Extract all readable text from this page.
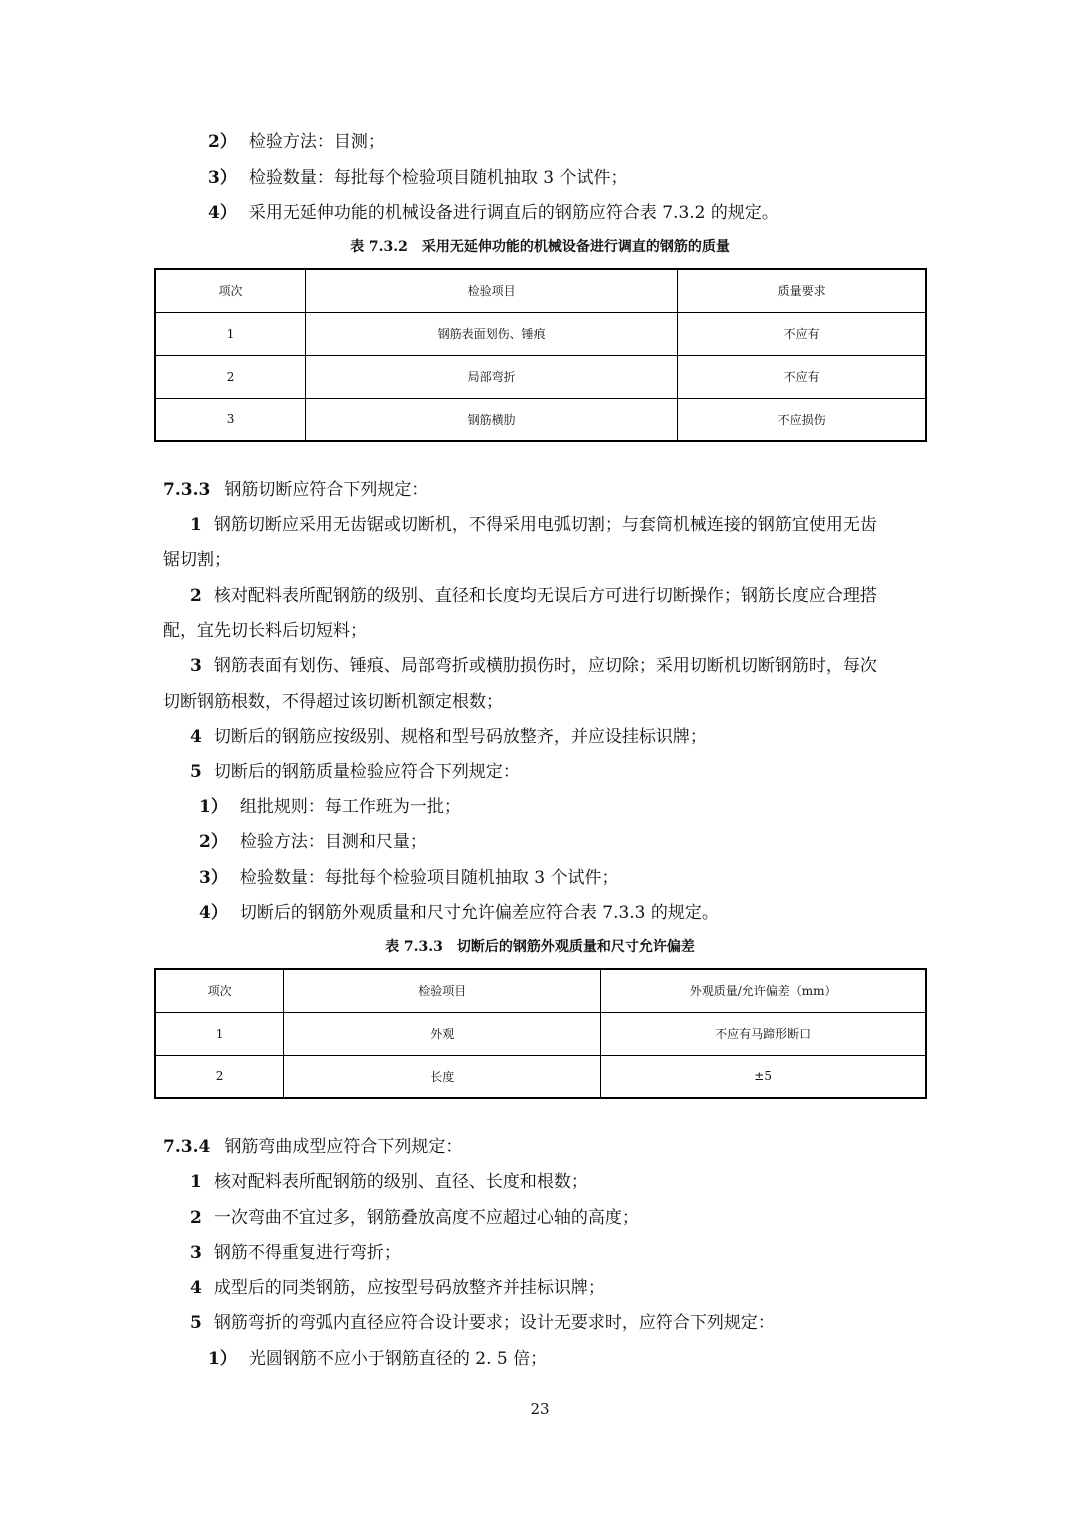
2） 检验方法：目测；
3） 检验数量：每批每个检验项目随机抽取 3 个试件；
4） 采用无延伸功能的机械设备进行调直后的钢筋应符合表 7.3.2 的规定。
表 7.3.2　采用无延伸功能的机械设备进行调直的钢筋的质量
项次	检验项目	质量要求
1	钢筋表面划伤、锤痕	不应有
2	局部弯折	不应有
3	钢筋横肋	不应损伤
7.3.3 钢筋切断应符合下列规定：
1 钢筋切断应采用无齿锯或切断机，不得采用电弧切割；与套筒机械连接的钢筋宜使用无齿
锯切割；
2 核对配料表所配钢筋的级别、直径和长度均无误后方可进行切断操作；钢筋长度应合理搭
配，宜先切长料后切短料；
3 钢筋表面有划伤、锤痕、局部弯折或横肋损伤时，应切除；采用切断机切断钢筋时，每次
切断钢筋根数，不得超过该切断机额定根数；
4 切断后的钢筋应按级别、规格和型号码放整齐，并应设挂标识牌；
5 切断后的钢筋质量检验应符合下列规定：
1） 组批规则：每工作班为一批；
2） 检验方法：目测和尺量；
3） 检验数量：每批每个检验项目随机抽取 3 个试件；
4） 切断后的钢筋外观质量和尺寸允许偏差应符合表 7.3.3 的规定。
表 7.3.3　切断后的钢筋外观质量和尺寸允许偏差
项次	检验项目	外观质量/允许偏差（mm）
1	外观	不应有马蹄形断口
2	长度	±5
7.3.4 钢筋弯曲成型应符合下列规定：
1 核对配料表所配钢筋的级别、直径、长度和根数；
2 一次弯曲不宜过多，钢筋叠放高度不应超过心轴的高度；
3 钢筋不得重复进行弯折；
4 成型后的同类钢筋，应按型号码放整齐并挂标识牌；
5 钢筋弯折的弯弧内直径应符合设计要求；设计无要求时，应符合下列规定：
1） 光圆钢筋不应小于钢筋直径的 2. 5 倍；
23
